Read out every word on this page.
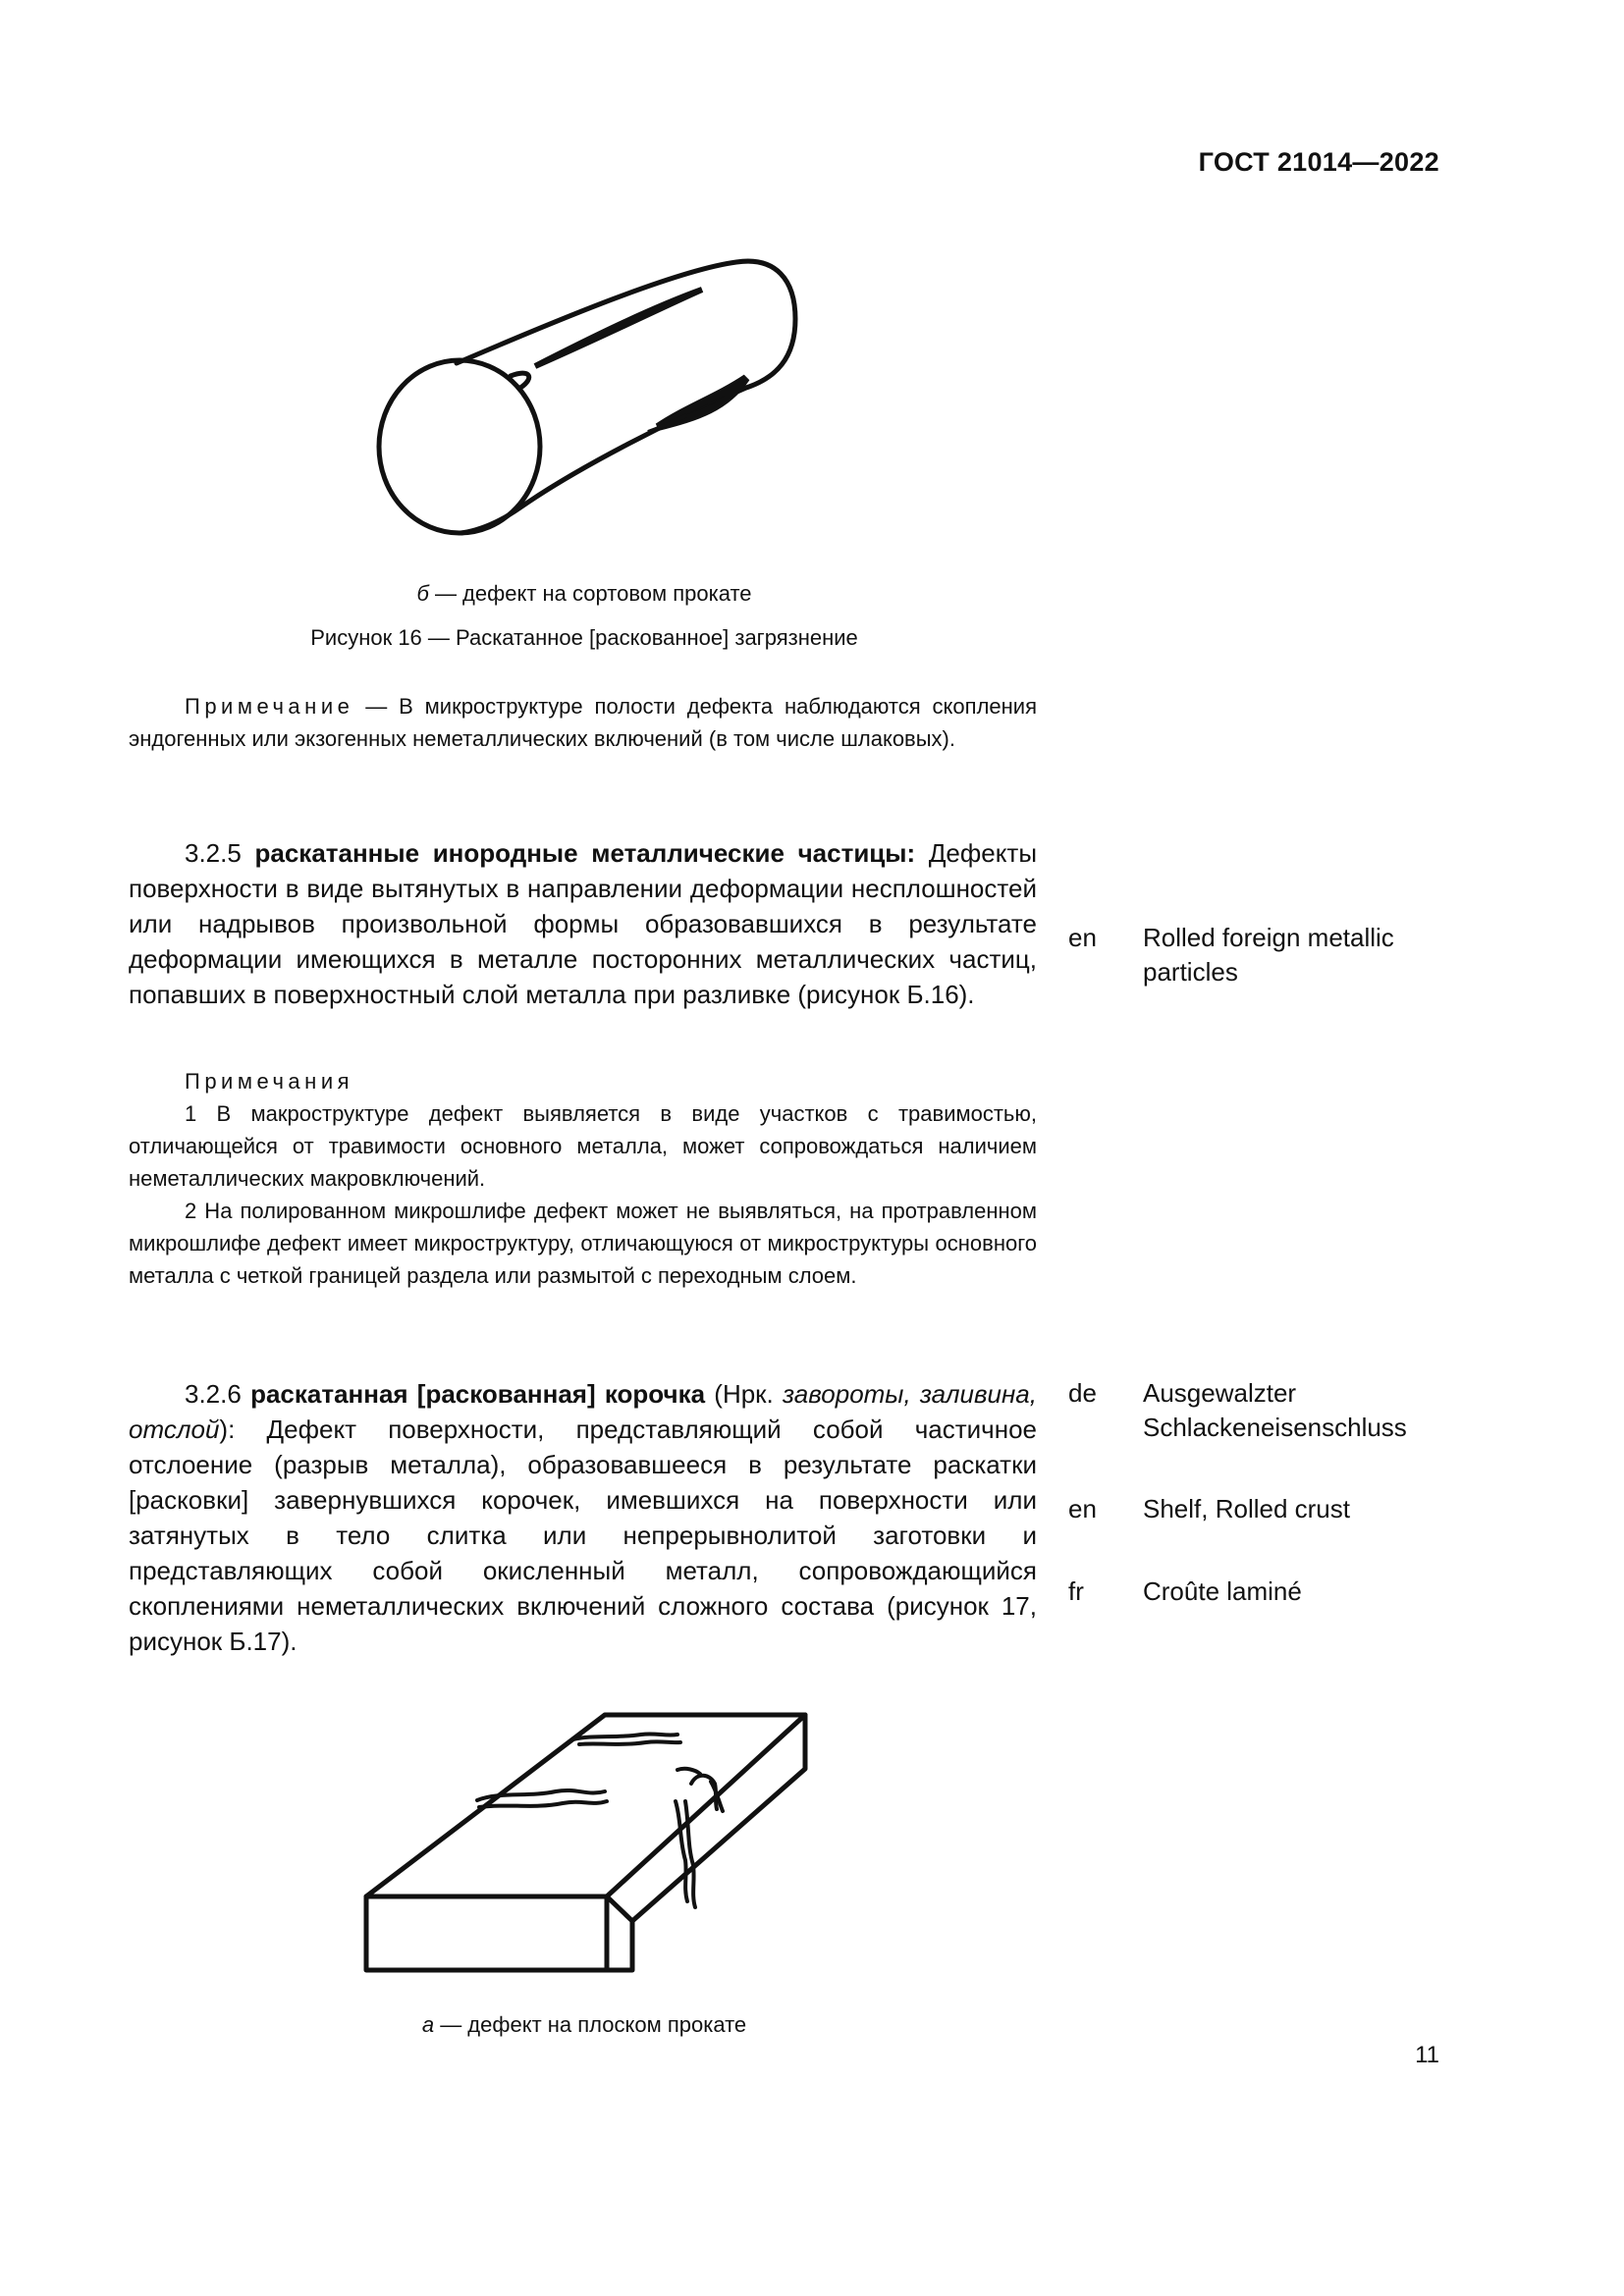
ГОСТ 21014—2022
б — дефект на сортовом прокате
Рисунок 16 — Раскатанное [раскованное] загрязнение
Примечание — В микроструктуре полости дефекта наблюдаются скопления эндогенных или экзогенных неметаллических включений (в том числе шлаковых).
3.2.5 раскатанные инородные металлические частицы: Дефекты поверхности в виде вытянутых в направлении деформации несплошностей или надрывов произвольной формы образовавшихся в результате деформации имеющихся в металле посторонних металлических частиц, попавших в поверхностный слой металла при разливке (рисунок Б.16).
en Rolled foreign metallic particles
Примечания
1 В макроструктуре дефект выявляется в виде участков с травимостью, отличающейся от травимости основного металла, может сопровождаться наличием неметаллических макровключений.
2 На полированном микрошлифе дефект может не выявляться, на протравленном микрошлифе дефект имеет микроструктуру, отличающуюся от микроструктуры основного металла с четкой границей раздела или размытой с переходным слоем.
3.2.6 раскатанная [раскованная] корочка (Нрк. завороты, заливина, отслой): Дефект поверхности, представляющий собой частичное отслоение (разрыв металла), образовавшееся в результате раскатки [расковки] завернувшихся корочек, имевшихся на поверхности или затянутых в тело слитка или непрерывнолитой заготовки и представляющих собой окисленный металл, сопровождающийся скоплениями неметаллических включений сложного состава (рисунок 17, рисунок Б.17).
de Ausgewalzter Schlackeneisenschluss
en Shelf, Rolled crust
fr Croûte laminé
а — дефект на плоском прокате
11
